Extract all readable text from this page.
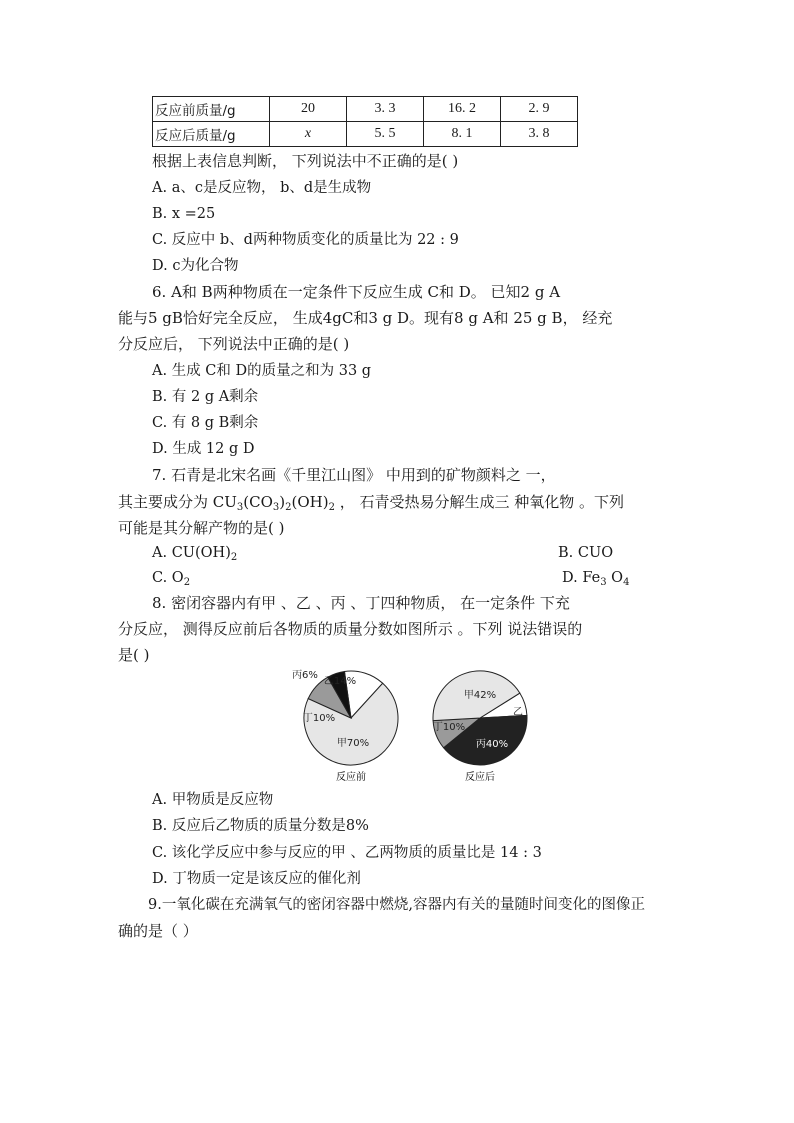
反应前质量/g	20	3. 3	16. 2	2. 9
反应后质量/g	x	5. 5	8. 1	3. 8
根据上表信息判断， 下列说法中不正确的是( )
A. a、c是反应物， b、d是生成物
B. x =25
C. 反应中 b、d两种物质变化的质量比为 22 : 9
D. c为化合物
6. A和 B两种物质在一定条件下反应生成 C和 D。 已知2 g A
能与5 gB恰好完全反应， 生成4gC和3 g D。现有8 g A和 25 g B， 经充
分反应后， 下列说法中正确的是( )
A. 生成 C和 D的质量之和为 33 g
B. 有 2 g A剩余
C. 有 8 g B剩余
D. 生成 12 g D
7. 石青是北宋名画《千里江山图》 中用到的矿物颜料之 一，
其主要成分为 $CU_3(CO_3)_2(OH)_2$ ， 石青受热易分解生成三 种氧化物 。下列
可能是其分解产物的是( )
A. $CU(OH)_2$	B. CUO
C. $O_2$	D. $Fe_3$ $O_4$
8. 密闭容器内有甲 、乙 、丙 、丁四种物质， 在一定条件 下充
分反应， 测得反应前后各物质的质量分数如图所示 。下列 说法错误的
是( )
甲70%
乙14%
丙6%
丁10%
反应前
甲42%
乙
丙40%
丁10%
反应后
A. 甲物质是反应物
B. 反应后乙物质的质量分数是8%
C. 该化学反应中参与反应的甲 、乙两物质的质量比是 14 : 3
D. 丁物质一定是该反应的催化剂
9.一氧化碳在充满氧气的密闭容器中燃烧,容器内有关的量随时间变化的图像正
确的是（ ）
